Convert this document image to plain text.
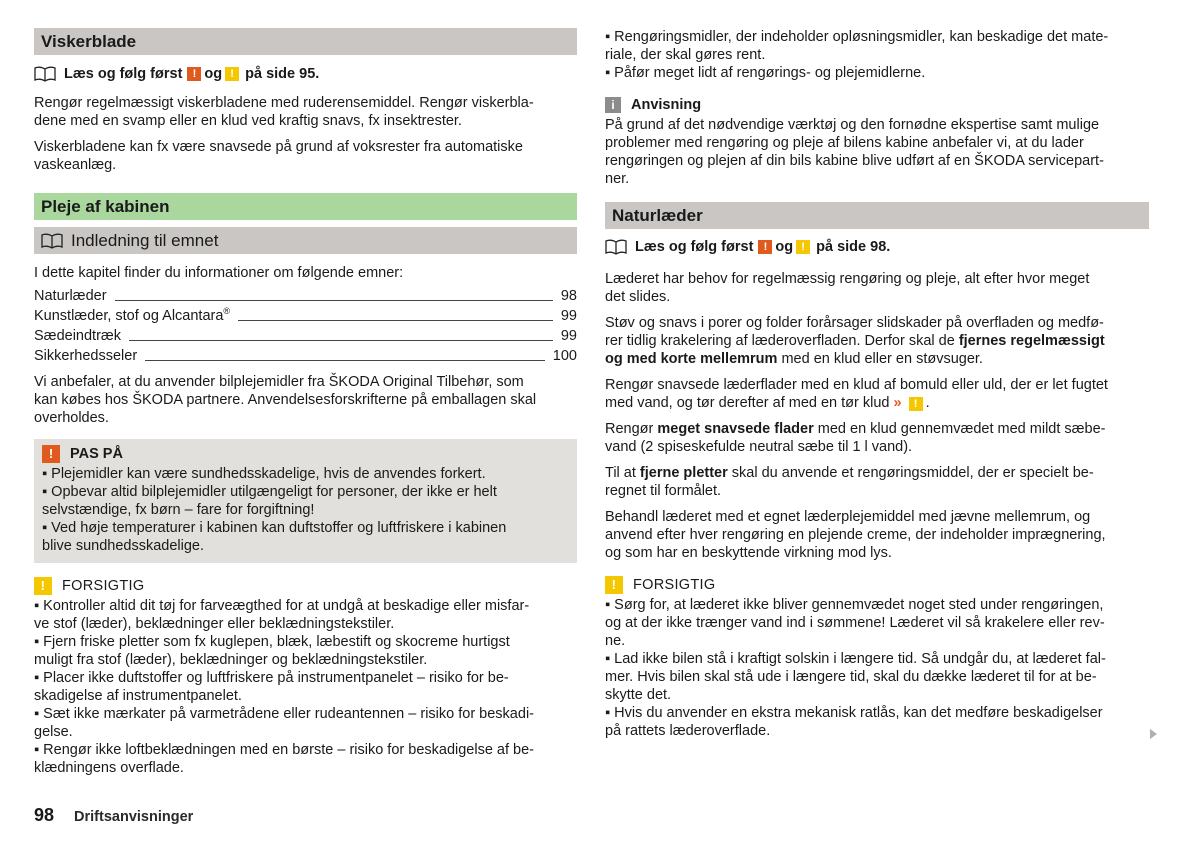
Viskerblade
Læs og følg først ! og ! på side 95.

Rengør regelmæssigt viskerbladene med ruderensemiddel. Rengør viskerbla-
dene med en svamp eller en klud ved kraftig snavs, fx insektrester.

Viskerbladene kan fx være snavsede på grund af voksrester fra automatiske
vaskeanlæg.

Pleje af kabinen
Indledning til emnet

I dette kapitel finder du informationer om følgende emner:

Naturlæder	98
Kunstlæder, stof og Alcantara®	99
Sædeindtræk	99
Sikkerhedsseler	100

Vi anbefaler, at du anvender bilplejemidler fra ŠKODA Original Tilbehør, som
kan købes hos ŠKODA partnere. Anvendelsesforskrifterne på emballagen skal
overholdes.

!	PAS PÅ

▪ Plejemidler kan være sundhedsskadelige, hvis de anvendes forkert.

▪ Opbevar altid bilplejemidler utilgængeligt for personer, der ikke er helt
selvstændige, fx børn – fare for forgiftning!

▪ Ved høje temperaturer i kabinen kan duftstoffer og luftfriskere i kabinen
blive sundhedsskadelige.

!	FORSIGTIG

▪ Kontroller altid dit tøj for farveægthed for at undgå at beskadige eller misfar-
ve stof (læder), beklædninger eller beklædningstekstiler.

▪ Fjern friske pletter som fx kuglepen, blæk, læbestift og skocreme hurtigst
muligt fra stof (læder), beklædninger og beklædningstekstiler.

▪ Placer ikke duftstoffer og luftfriskere på instrumentpanelet – risiko for be-
skadigelse af instrumentpanelet.

▪ Sæt ikke mærkater på varmetrådene eller rudeantennen – risiko for beskadi-
gelse.

▪ Rengør ikke loftbeklædningen med en børste – risiko for beskadigelse af be-
klædningens overflade.

▪ Rengøringsmidler, der indeholder opløsningsmidler, kan beskadige det mate-
riale, der skal gøres rent.

▪ Påfør meget lidt af rengørings- og plejemidlerne.

i	Anvisning

På grund af det nødvendige værktøj og den fornødne ekspertise samt mulige
problemer med rengøring og pleje af bilens kabine anbefaler vi, at du lader
rengøringen og plejen af din bils kabine blive udført af en ŠKODA servicepart-
ner.

Naturlæder
Læs og følg først ! og ! på side 98.

Læderet har behov for regelmæssig rengøring og pleje, alt efter hvor meget
det slides.

Støv og snavs i porer og folder forårsager slidskader på overfladen og medfø-
rer tidlig krakelering af læderoverfladen. Derfor skal de fjernes regelmæssigt
og med korte mellemrum med en klud eller en støvsuger.

Rengør snavsede læderflader med en klud af bomuld eller uld, der er let fugtet
med vand, og tør derefter af med en tør klud » ! .

Rengør meget snavsede flader med en klud gennemvædet med mildt sæbe-
vand (2 spiseskefulde neutral sæbe til 1 l vand).

Til at fjerne pletter skal du anvende et rengøringsmiddel, der er specielt be-
regnet til formålet.

Behandl læderet med et egnet læderplejemiddel med jævne mellemrum, og
anvend efter hver rengøring en plejende creme, der indeholder imprægnering,
og som har en beskyttende virkning mod lys.

!	FORSIGTIG

▪ Sørg for, at læderet ikke bliver gennemvædet noget sted under rengøringen,
og at der ikke trænger vand ind i sømmene! Læderet vil så krakelere eller rev-
ne.

▪ Lad ikke bilen stå i kraftigt solskin i længere tid. Så undgår du, at læderet fal-
mer. Hvis bilen skal stå ude i længere tid, skal du dække læderet til for at be-
skytte det.

▪ Hvis du anvender en ekstra mekanisk ratlås, kan det medføre beskadigelser
på rattets læderoverflade.

98 Driftsanvisninger
